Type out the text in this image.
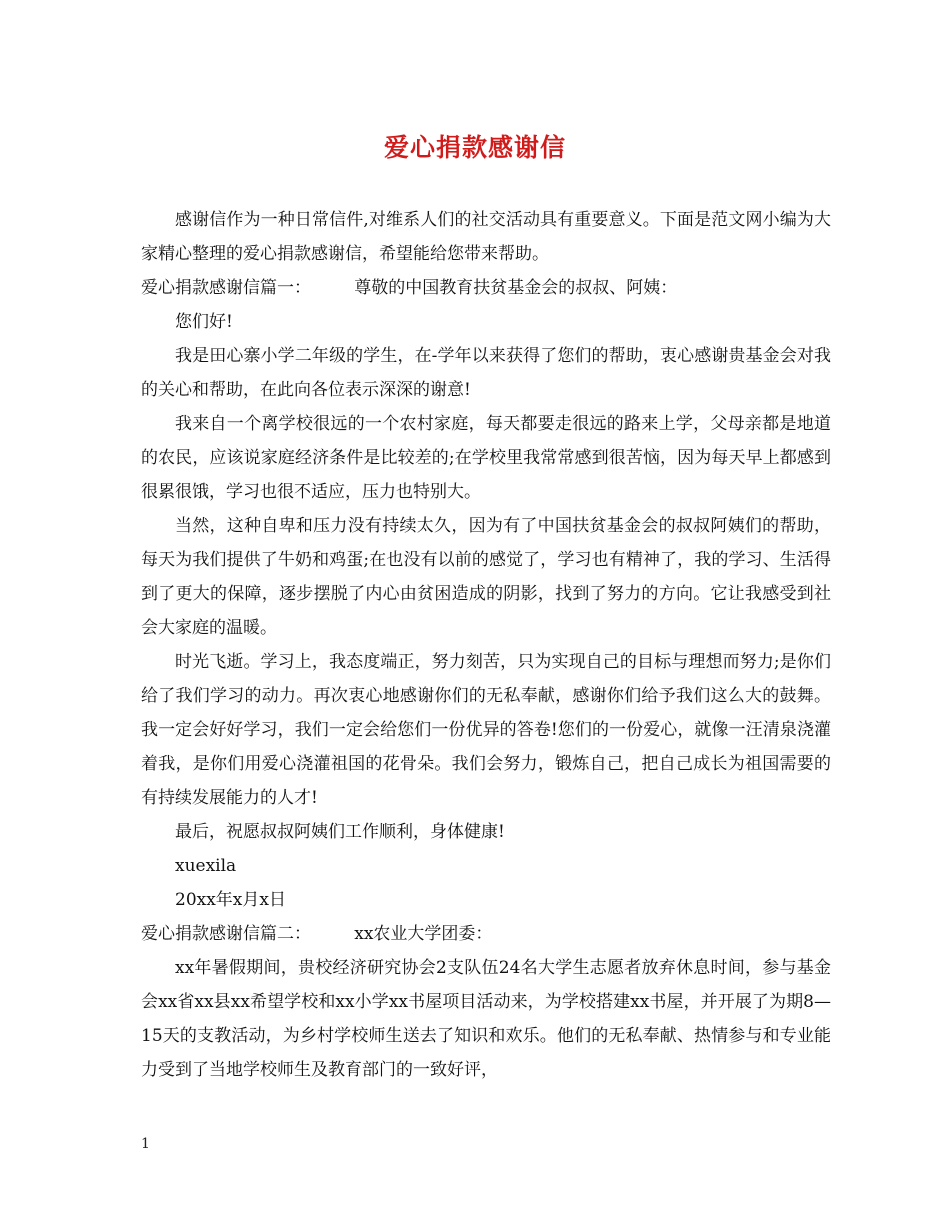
爱心捐款感谢信

感谢信作为一种日常信件,对维系人们的社交活动具有重要意义。下面是范文网小编为大家精心整理的爱心捐款感谢信，希望能给您带来帮助。

爱心捐款感谢信篇一：        尊敬的中国教育扶贫基金会的叔叔、阿姨：

您们好!

我是田心寨小学二年级的学生，在-学年以来获得了您们的帮助，衷心感谢贵基金会对我的关心和帮助，在此向各位表示深深的谢意!

我来自一个离学校很远的一个农村家庭，每天都要走很远的路来上学，父母亲都是地道的农民，应该说家庭经济条件是比较差的;在学校里我常常感到很苦恼，因为每天早上都感到很累很饿，学习也很不适应，压力也特别大。

当然，这种自卑和压力没有持续太久，因为有了中国扶贫基金会的叔叔阿姨们的帮助，每天为我们提供了牛奶和鸡蛋;在也没有以前的感觉了，学习也有精神了，我的学习、生活得到了更大的保障，逐步摆脱了内心由贫困造成的阴影，找到了努力的方向。它让我感受到社会大家庭的温暖。

时光飞逝。学习上，我态度端正，努力刻苦，只为实现自己的目标与理想而努力;是你们给了我们学习的动力。再次衷心地感谢你们的无私奉献，感谢你们给予我们这么大的鼓舞。我一定会好好学习，我们一定会给您们一份优异的答卷!您们的一份爱心，就像一汪清泉浇灌着我，是你们用爱心浇灌祖国的花骨朵。我们会努力，锻炼自己，把自己成长为祖国需要的有持续发展能力的人才!

最后，祝愿叔叔阿姨们工作顺利，身体健康!

xuexila

20xx年x月x日

爱心捐款感谢信篇二：        xx农业大学团委：

xx年暑假期间，贵校经济研究协会2支队伍24名大学生志愿者放弃休息时间，参与基金会xx省xx县xx希望学校和xx小学xx书屋项目活动来，为学校搭建xx书屋，并开展了为期8—15天的支教活动，为乡村学校师生送去了知识和欢乐。他们的无私奉献、热情参与和专业能力受到了当地学校师生及教育部门的一致好评，

1
